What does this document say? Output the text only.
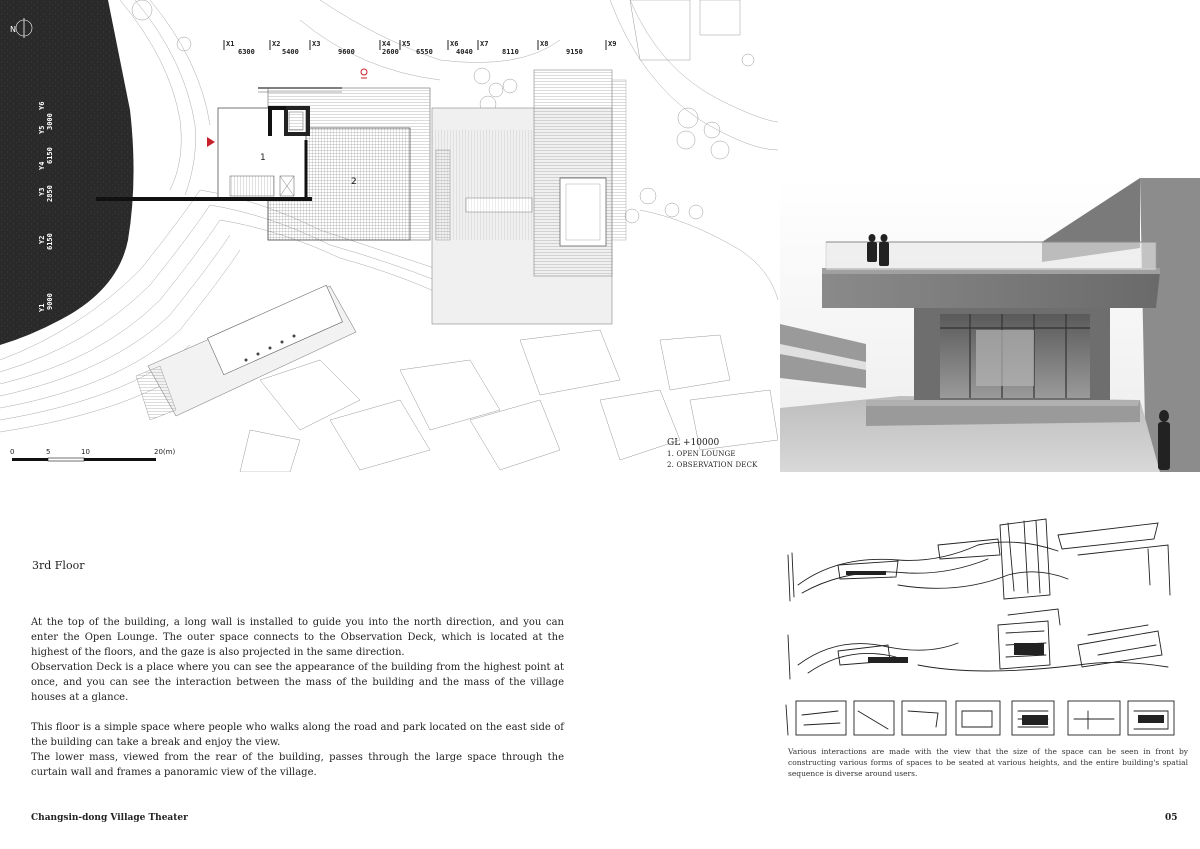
N
X1	X2	X3	X4 X5	X6	X7	X8	X9
6300	5400	9600	2600 6550	4040	8110	9150
Y6
Y5
Y4
Y3
Y2
Y1
3000
6150
2850
6150
9000
1
2
0	5	10	20(m)
GL +10000
1. OPEN LOUNGE
2. OBSERVATION DECK
3rd Floor

At the top of the building, a long wall is installed to guide you into the north direction, and you can enter the Open Lounge. The outer space connects to the Observation Deck, which is located at the highest of the floors, and the gaze is also projected in the same direction.

Observation Deck is a place where you can see the appearance of the building from the highest point at once, and you can see the interaction between the mass of the building and the mass of the village houses at a glance.

This floor is a simple space where people who walks along the road and park located on the east side of the building can take a break and enjoy the view.

The lower mass, viewed from the rear of the building, passes through the large space through the curtain wall and frames a panoramic view of the village.

Various interactions are made with the view that the size of the space can be seen in front by constructing various forms of spaces to be seated at various heights, and the entire building's spatial sequence is diverse around users.
Changsin-dong Village Theater	05
